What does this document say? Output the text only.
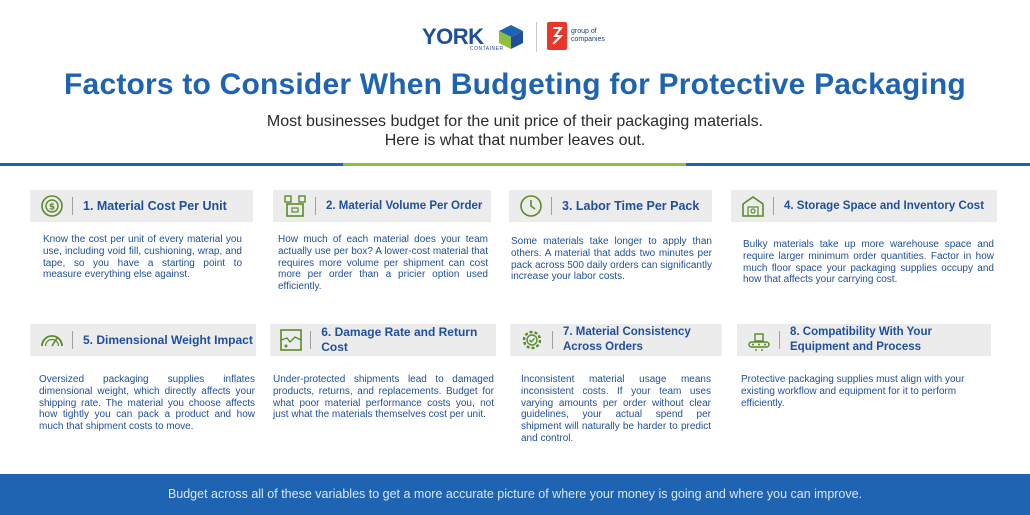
YORK
CONTAINER
group of
companies
Factors to Consider When Budgeting for Protective Packaging
Most businesses budget for the unit price of their packaging materials.
Here is what that number leaves out.
$ 1. Material Cost Per Unit
Know the cost per unit of every material you use, including void fill, cushioning, wrap, and tape, so you have a starting point to measure everything else against.
2. Material Volume Per Order
How much of each material does your team actually use per box? A lower-cost material that requires more volume per shipment can cost more per order than a pricier option used efficiently.
3. Labor Time Per Pack
Some materials take longer to apply than others. A material that adds two minutes per pack across 500 daily orders can significantly increase your labor costs.
4. Storage Space and Inventory Cost
Bulky materials take up more warehouse space and require larger minimum order quantities. Factor in how much floor space your packaging supplies occupy and how that affects your carrying cost.
5. Dimensional Weight Impact
Oversized packaging supplies inflates dimensional weight, which directly affects your shipping rate. The material you choose affects how tightly you can pack a product and how much that shipment costs to move.
6. Damage Rate and Return Cost
Under-protected shipments lead to damaged products, returns, and replacements. Budget for what poor material performance costs you, not just what the materials themselves cost per unit.
7. Material Consistency
Across Orders
Inconsistent material usage means inconsistent costs. If your team uses varying amounts per order without clear guidelines, your actual spend per shipment will naturally be harder to predict and control.
8. Compatibility With Your
Equipment and Process
Protective packaging supplies must align with your existing workflow and equipment for it to perform efficiently.
Budget across all of these variables to get a more accurate picture of where your money is going and where you can improve.
